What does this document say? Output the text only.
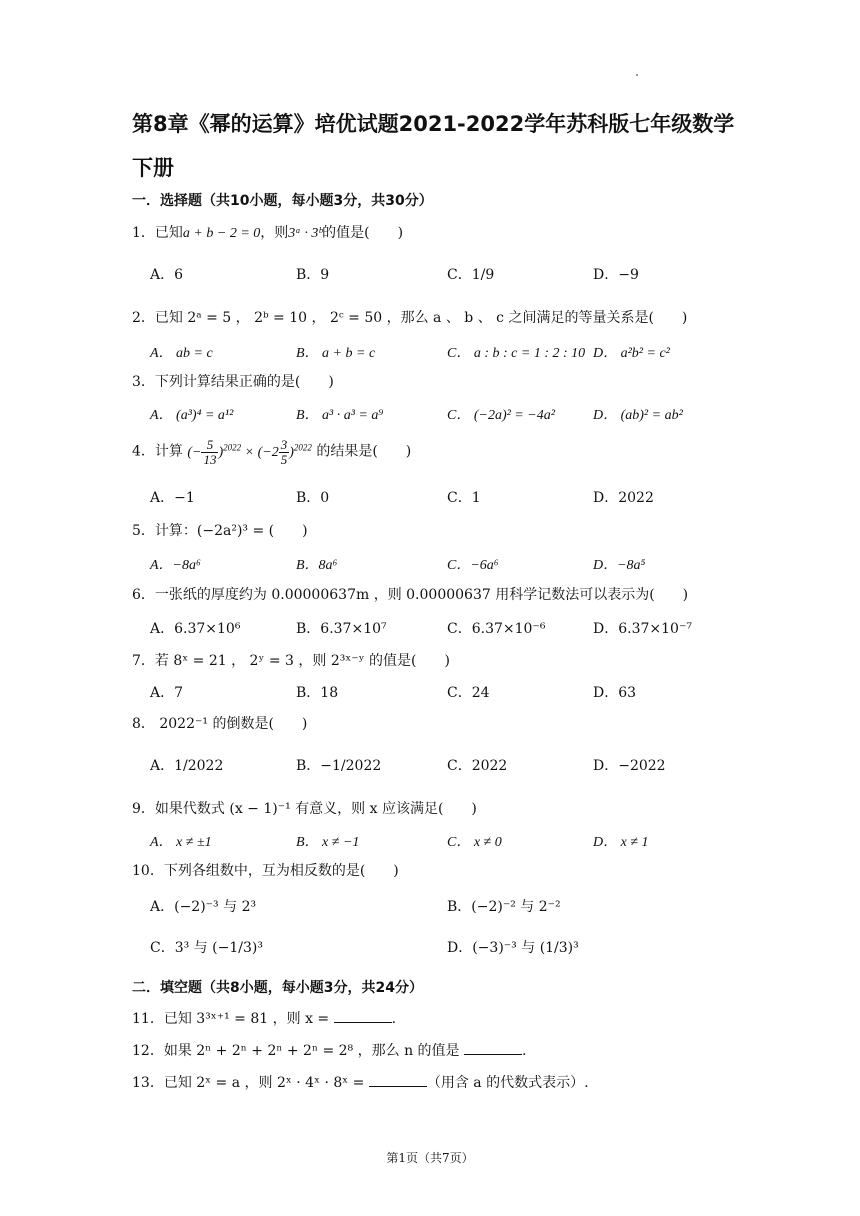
第8章《幂的运算》培优试题2021-2022学年苏科版七年级数学下册
一．选择题（共10小题，每小题3分，共30分）
1．已知a + b − 2 = 0，则3ᵃ · 3ᵇ的值是(　　)
A．6	B．9	C．1/9	D．−9
2．已知 2ᵃ = 5 ， 2ᵇ = 10 ， 2ᶜ = 50 ，那么 a 、 b 、 c 之间满足的等量关系是(　　)
A． ab = c	B． a + b = c	C． a : b : c = 1 : 2 : 10 D． a²b² = c²
3．下列计算结果正确的是(　　)
A． (a³)⁴ = a¹²	B． a³ · a³ = a⁹	C． (−2a)² = −4a²	D． (ab)² = ab²
4．计算 (− $\frac{5}{13} )^{2022} \times (-2 \frac{3}{5} )^{2022}$ 的结果是(　　)
A．−1	B．0	C．1	D．2022
5．计算：(−2a²)³ = (　　)
A．−8a⁶	B．8a⁶	C．−6a⁶	D．−8a⁵
6．一张纸的厚度约为 0.00000637m ，则 0.00000637 用科学记数法可以表示为(　　)
A．6.37×10⁶	B．6.37×10⁷	C．6.37×10⁻⁶	D．6.37×10⁻⁷
7．若 8ˣ = 21 ， 2ʸ = 3 ，则 2³ˣ⁻ʸ 的值是(　　)
A．7	B．18	C．24	D．63
8． 2022⁻¹ 的倒数是(　　)
A．1/2022	B．−1/2022	C．2022	D．−2022
9．如果代数式 (x − 1)⁻¹ 有意义，则 x 应该满足(　　)
A． x ≠ ±1	B． x ≠ −1	C． x ≠ 0	D． x ≠ 1
10．下列各组数中，互为相反数的是(　　)
A．(−2)⁻³ 与 2³	B．(−2)⁻² 与 2⁻²
C．3³ 与 (−1/3)³	D．(−3)⁻³ 与 (1/3)³
二．填空题（共8小题，每小题3分，共24分）
11．已知 3³ˣ⁺¹ = 81 ，则 x =	.
12．如果 2ⁿ + 2ⁿ + 2ⁿ + 2ⁿ = 2⁸ ，那么 n 的值是	.
13．已知 2ˣ = a ，则 2ˣ · 4ˣ · 8ˣ =	（用含 a 的代数式表示）.
第1页（共7页）
